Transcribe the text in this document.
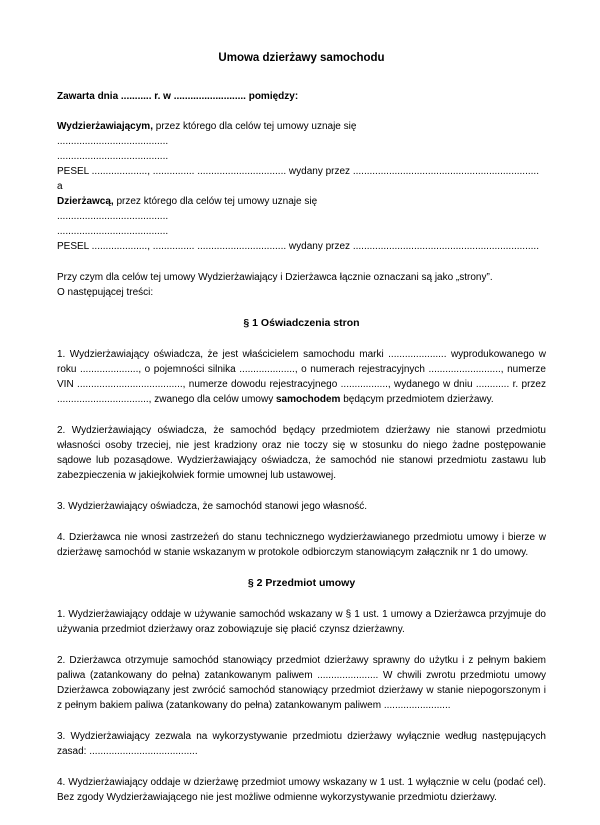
Umowa dzierżawy samochodu
Zawarta dnia ........... r. w .......................... pomiędzy:
Wydzierżawiającym, przez którego dla celów tej umowy uznaje się
........................................
........................................
PESEL ...................., ............... ................................ wydany przez ...................................................................
a
Dzierżawcą, przez którego dla celów tej umowy uznaje się
........................................
........................................
PESEL ...................., ............... ................................ wydany przez ...................................................................
Przy czym dla celów tej umowy Wydzierżawiający i Dzierżawca łącznie oznaczani są jako „strony”.
O następującej treści:
§ 1 Oświadczenia stron
1. Wydzierżawiający oświadcza, że jest właścicielem samochodu marki ..................... wyprodukowanego w roku ....................., o pojemności silnika ...................., o numerach rejestracyjnych .........................., numerze VIN ......................................, numerze dowodu rejestracyjnego ................., wydanego w dniu ............ r. przez ................................., zwanego dla celów umowy samochodem będącym przedmiotem dzierżawy.
2. Wydzierżawiający oświadcza, że samochód będący przedmiotem dzierżawy nie stanowi przedmiotu własności osoby trzeciej, nie jest kradziony oraz nie toczy się w stosunku do niego żadne postępowanie sądowe lub pozasądowe. Wydzierżawiający oświadcza, że samochód nie stanowi przedmiotu zastawu lub zabezpieczenia w jakiejkolwiek formie umownej lub ustawowej.
3. Wydzierżawiający oświadcza, że samochód stanowi jego własność.
4. Dzierżawca nie wnosi zastrzeżeń do stanu technicznego wydzierżawianego przedmiotu umowy i bierze w dzierżawę samochód w stanie wskazanym w protokole odbiorczym stanowiącym załącznik nr 1 do umowy.
§ 2 Przedmiot umowy
1. Wydzierżawiający oddaje w używanie samochód wskazany w § 1 ust. 1 umowy a Dzierżawca przyjmuje do używania przedmiot dzierżawy oraz zobowiązuje się płacić czynsz dzierżawny.
2. Dzierżawca otrzymuje samochód stanowiący przedmiot dzierżawy sprawny do użytku i z pełnym bakiem paliwa (zatankowany do pełna) zatankowanym paliwem ...................... W chwili zwrotu przedmiotu umowy Dzierżawca zobowiązany jest zwrócić samochód stanowiący przedmiot dzierżawy w stanie niepogorszonym i z pełnym bakiem paliwa (zatankowany do pełna) zatankowanym paliwem ........................
3. Wydzierżawiający zezwala na wykorzystywanie przedmiotu dzierżawy wyłącznie według następujących zasad: .......................................
4. Wydzierżawiający oddaje w dzierżawę przedmiot umowy wskazany w 1 ust. 1 wyłącznie w celu (podać cel). Bez zgody Wydzierżawiającego nie jest możliwe odmienne wykorzystywanie przedmiotu dzierżawy.
